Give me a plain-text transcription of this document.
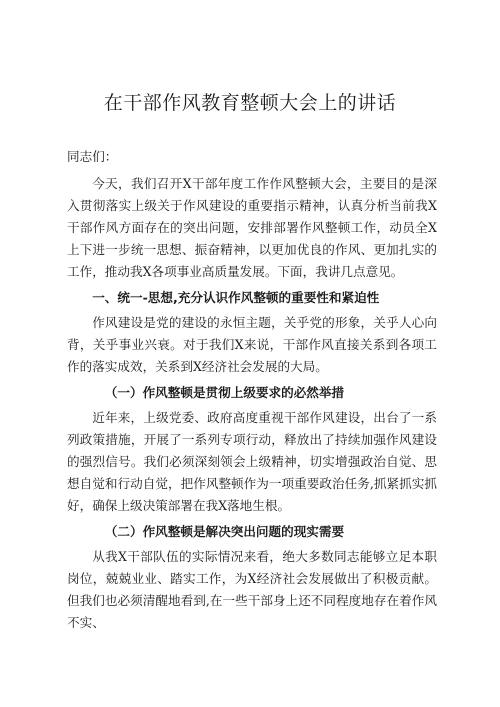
在干部作风教育整顿大会上的讲话

同志们：

今天，我们召开X干部年度工作作风整顿大会，主要目的是深入贯彻落实上级关于作风建设的重要指示精神，认真分析当前我X干部作风方面存在的突出问题，安排部署作风整顿工作，动员全X上下进一步统一思想、振奋精神，以更加优良的作风、更加扎实的工作，推动我X各项事业高质量发展。下面，我讲几点意见。

一、统一-思想,充分认识作风整顿的重要性和紧迫性

作风建设是党的建设的永恒主题，关乎党的形象，关乎人心向背，关乎事业兴衰。对于我们X来说，干部作风直接关系到各项工作的落实成效，关系到X经济社会发展的大局。

（一）作风整顿是贯彻上级要求的必然举措

近年来，上级党委、政府高度重视干部作风建设，出台了一系列政策措施，开展了一系列专项行动，释放出了持续加强作风建设的强烈信号。我们必须深刻领会上级精神，切实增强政治自觉、思想自觉和行动自觉，把作风整顿作为一项重要政治任务,抓紧抓实抓好，确保上级决策部署在我X落地生根。

（二）作风整顿是解决突出问题的现实需要

从我X干部队伍的实际情况来看，绝大多数同志能够立足本职岗位，兢兢业业、踏实工作，为X经济社会发展做出了积极贡献。但我们也必须清醒地看到,在一些干部身上还不同程度地存在着作风不实、
